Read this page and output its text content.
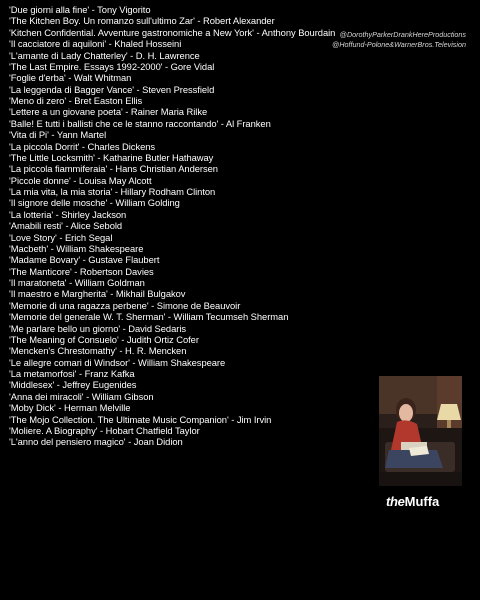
'Due giorni alla fine' - Tony Vigorito
'The Kitchen Boy. Un romanzo sull'ultimo Zar' - Robert Alexander
'Kitchen Confidential. Avventure gastronomiche a New York' - Anthony Bourdain
'Il cacciatore di aquiloni' - Khaled Hosseini
'L'amante di Lady Chatterley' - D. H. Lawrence
'The Last Empire. Essays 1992-2000' - Gore Vidal
'Foglie d'erba' - Walt Whitman
'La leggenda di Bagger Vance' - Steven Pressfield
'Meno di zero' - Bret Easton Ellis
'Lettere a un giovane poeta' - Rainer Maria Rilke
'Balle! E tutti i ballisti che ce le stanno raccontando' - Al Franken
'Vita di Pi' - Yann Martel
'La piccola Dorrit' - Charles Dickens
'The Little Locksmith' - Katharine Butler Hathaway
'La piccola fiammiferaia' - Hans Christian Andersen
'Piccole donne' - Louisa May Alcott
'La mia vita, la mia storia' - Hillary Rodham Clinton
'Il signore delle mosche' - William Golding
'La lotteria' - Shirley Jackson
'Amabili resti' - Alice Sebold
'Love Story' - Erich Segal
'Macbeth' - William Shakespeare
'Madame Bovary' - Gustave Flaubert
'The Manticore' - Robertson Davies
'Il maratoneta' - William Goldman
'Il maestro e Margherita' - Mikhail Bulgakov
'Memorie di una ragazza perbene' - Simone de Beauvoir
'Memorie del generale W. T. Sherman' - William Tecumseh Sherman
'Me parlare bello un giorno' - David Sedaris
'The Meaning of Consuelo' - Judith Ortiz Cofer
'Mencken's Chrestomathy' - H. R. Mencken
'Le allegre comari di Windsor' - William Shakespeare
'La metamorfosi' - Franz Kafka
'Middlesex' - Jeffrey Eugenides
'Anna dei miracoli' - William Gibson
'Moby Dick' - Herman Melville
'The Mojo Collection. The Ultimate Music Companion' - Jim Irvin
'Moliere. A Biography' - Hobart Chatfield Taylor
'L'anno del pensiero magico' - Joan Didion
@DorothyParkerDrankHereProductions
@Hoffund-Polone&WarnerBros.Television
theMuffa
